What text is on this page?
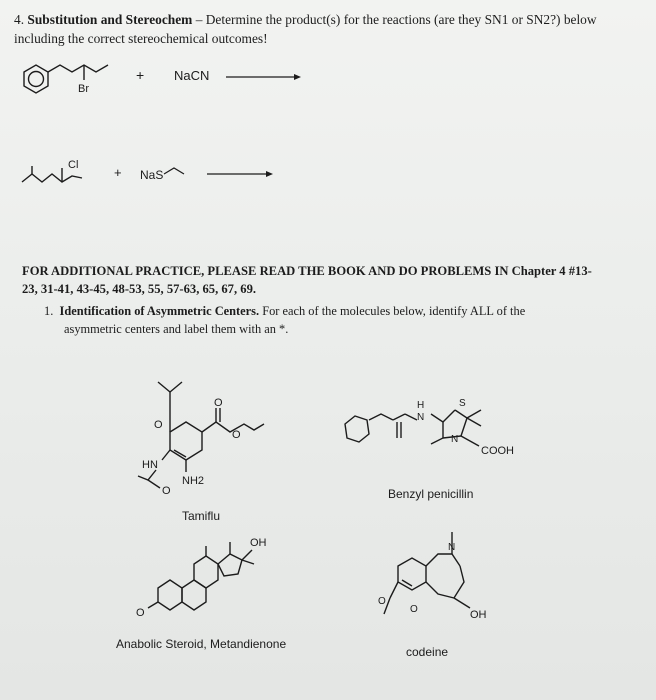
4. Substitution and Stereochem – Determine the product(s) for the reactions (are they SN1 or SN2?) below
including the correct stereochemical outcomes!
Br
+ NaCN
Cl	+ NaS
FOR ADDITIONAL PRACTICE, PLEASE READ THE BOOK AND DO PROBLEMS IN Chapter 4 #13-
23, 31-41, 43-45, 48-53, 55, 57-63, 65, 67, 69.
1. Identification of Asymmetric Centers. For each of the molecules below, identify ALL of the
asymmetric centers and label them with an *.
O
O
O
HN
NH2
O
Tamiflu
H
N
S
N
COOH
Benzyl penicillin
O
OH
Anabolic Steroid, Metandienone
N
O
O
OH
codeine
